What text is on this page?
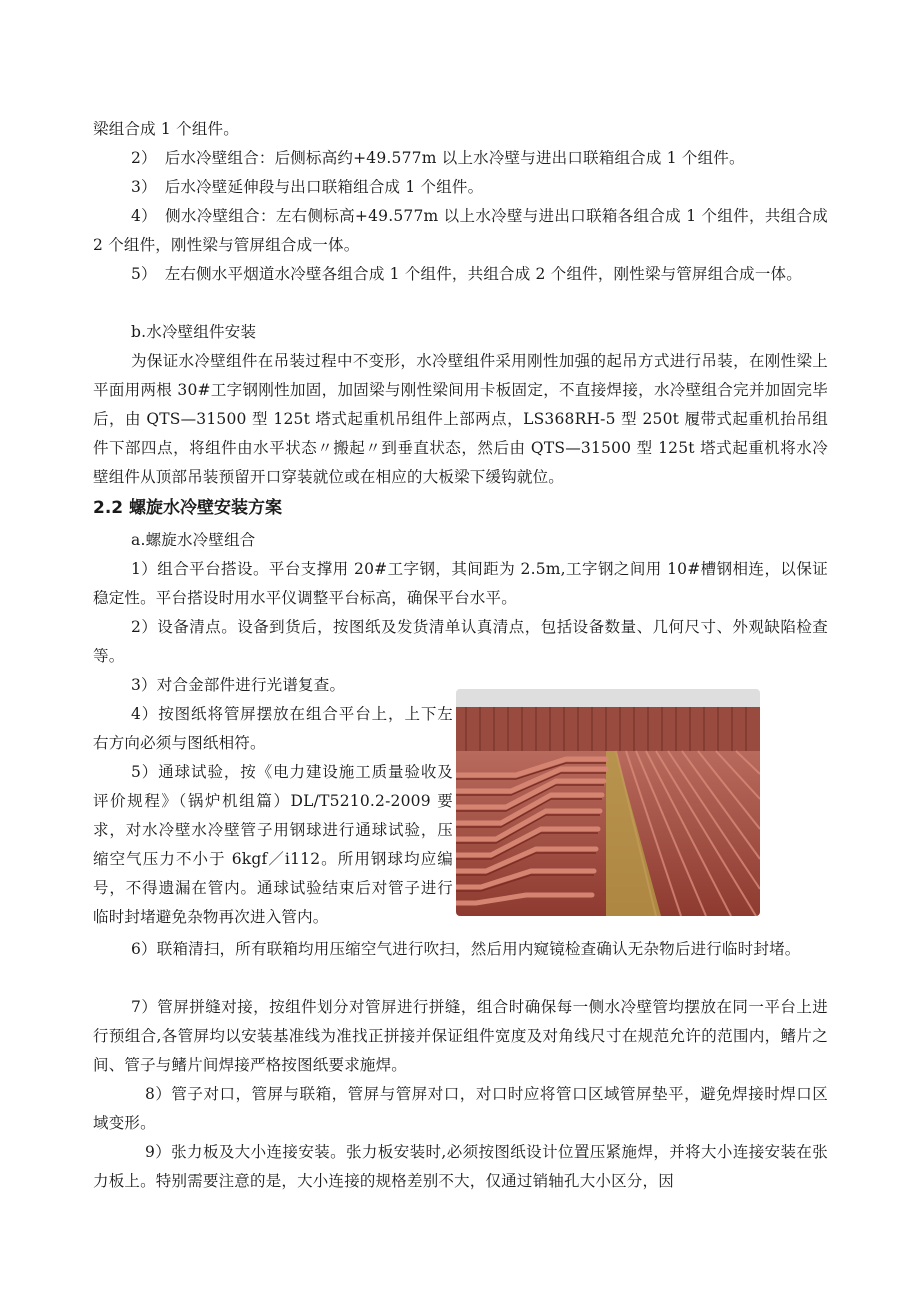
梁组合成 1 个组件。

2）　后水冷壁组合：后侧标高约+49.577m 以上水冷壁与进出口联箱组合成 1 个组件。

3）　后水冷壁延伸段与出口联箱组合成 1 个组件。

4）　侧水冷壁组合：左右侧标高+49.577m 以上水冷壁与进出口联箱各组合成 1 个组件，共组合成 2 个组件，刚性梁与管屏组合成一体。

5）　左右侧水平烟道水冷壁各组合成 1 个组件，共组合成 2 个组件，刚性梁与管屏组合成一体。

b.水冷壁组件安装

为保证水冷壁组件在吊装过程中不变形，水冷壁组件采用刚性加强的起吊方式进行吊装，在刚性梁上平面用两根 30#工字钢刚性加固，加固梁与刚性梁间用卡板固定，不直接焊接，水冷壁组合完并加固完毕后，由 QTS—31500 型 125t 塔式起重机吊组件上部两点，LS368RH-5 型 250t 履带式起重机抬吊组件下部四点，将组件由水平状态〃搬起〃到垂直状态，然后由 QTS—31500 型 125t 塔式起重机将水冷壁组件从顶部吊装预留开口穿装就位或在相应的大板梁下缓钩就位。

2.2 螺旋水冷壁安装方案

a.螺旋水冷壁组合

1）组合平台搭设。平台支撑用 20#工字钢，其间距为 2.5m,工字钢之间用 10#槽钢相连，以保证稳定性。平台搭设时用水平仪调整平台标高，确保平台水平。

2）设备清点。设备到货后，按图纸及发货清单认真清点，包括设备数量、几何尺寸、外观缺陷检查等。

3）对合金部件进行光谱复查。

4）按图纸将管屏摆放在组合平台上，上下左右方向必须与图纸相符。

5）通球试验，按《电力建设施工质量验收及评价规程》（锅炉机组篇）DL/T5210.2-2009 要求，对水冷壁水冷壁管子用钢球进行通球试验，压缩空气压力不小于 6kgf／i112。所用钢球均应编号，不得遗漏在管内。通球试验结束后对管子进行临时封堵避免杂物再次进入管内。

6）联箱清扫，所有联箱均用压缩空气进行吹扫，然后用内窥镜检查确认无杂物后进行临时封堵。

7）管屏拼缝对接，按组件划分对管屏进行拼缝，组合时确保每一侧水冷壁管均摆放在同一平台上进行预组合,各管屏均以安装基准线为准找正拼接并保证组件宽度及对角线尺寸在规范允许的范围内，鳍片之间、管子与鳍片间焊接严格按图纸要求施焊。

8）管子对口，管屏与联箱，管屏与管屏对口，对口时应将管口区域管屏垫平，避免焊接时焊口区域变形。

9）张力板及大小连接安装。张力板安装时,必须按图纸设计位置压紧施焊，并将大小连接安装在张力板上。特别需要注意的是，大小连接的规格差别不大，仅通过销轴孔大小区分，因
